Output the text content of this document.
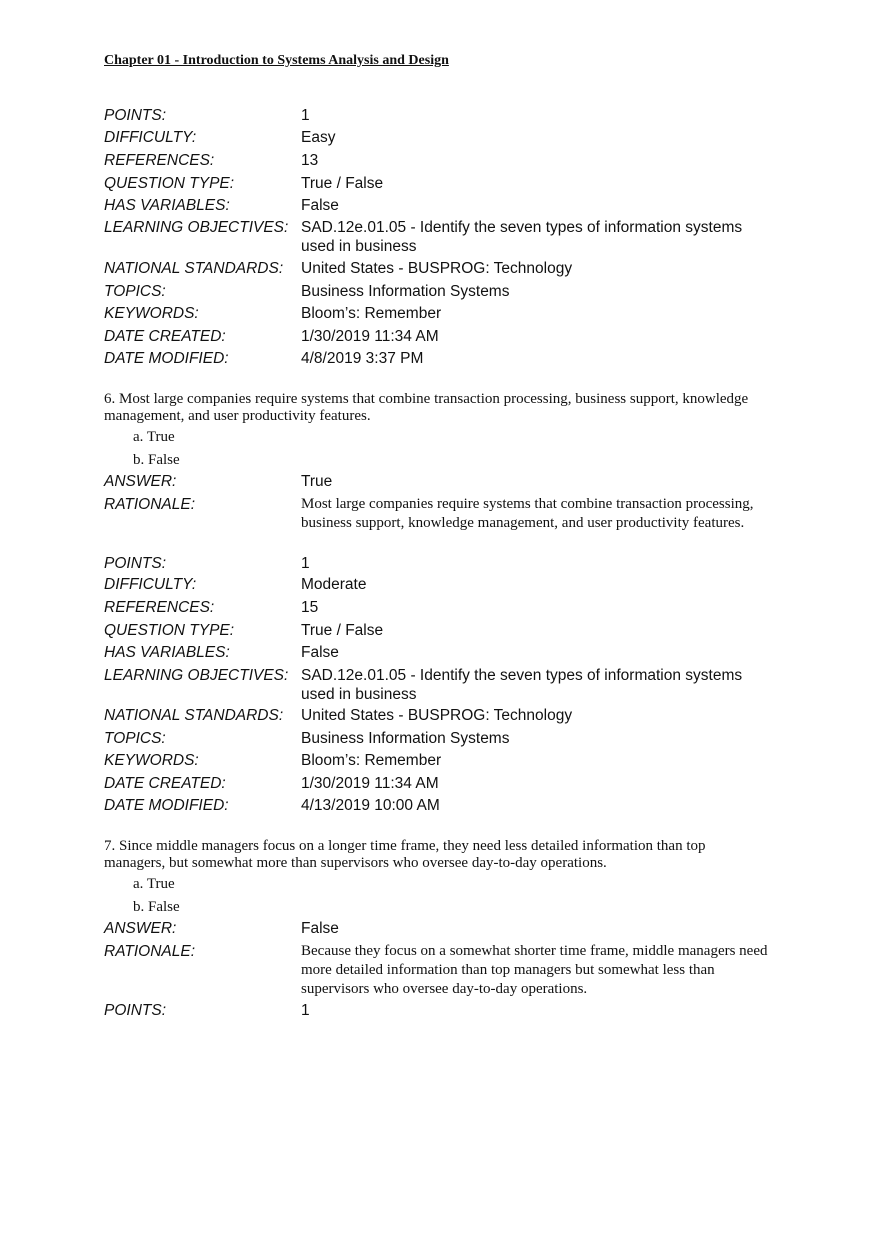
Chapter 01 - Introduction to Systems Analysis and Design
POINTS:	1
DIFFICULTY:	Easy
REFERENCES:	13
QUESTION TYPE:	True / False
HAS VARIABLES:	False
LEARNING OBJECTIVES: SAD.12e.01.05 - Identify the seven types of information systems used in business
NATIONAL STANDARDS: United States - BUSPROG: Technology
TOPICS:	Business Information Systems
KEYWORDS:	Bloom’s: Remember
DATE CREATED:	1/30/2019 11:34 AM
DATE MODIFIED:	4/8/2019 3:37 PM
6. Most large companies require systems that combine transaction processing, business support, knowledge management, and user productivity features.
a. True
b. False
ANSWER:	True
RATIONALE:	Most large companies require systems that combine transaction processing, business support, knowledge management, and user productivity features.
POINTS:	1
DIFFICULTY:	Moderate
REFERENCES:	15
QUESTION TYPE:	True / False
HAS VARIABLES:	False
LEARNING OBJECTIVES: SAD.12e.01.05 - Identify the seven types of information systems used in business
NATIONAL STANDARDS: United States - BUSPROG: Technology
TOPICS:	Business Information Systems
KEYWORDS:	Bloom’s: Remember
DATE CREATED:	1/30/2019 11:34 AM
DATE MODIFIED:	4/13/2019 10:00 AM
7. Since middle managers focus on a longer time frame, they need less detailed information than top managers, but somewhat more than supervisors who oversee day-to-day operations.
a. True
b. False
ANSWER:	False
RATIONALE:	Because they focus on a somewhat shorter time frame, middle managers need more detailed information than top managers but somewhat less than supervisors who oversee day-to-day operations.
POINTS:	1
